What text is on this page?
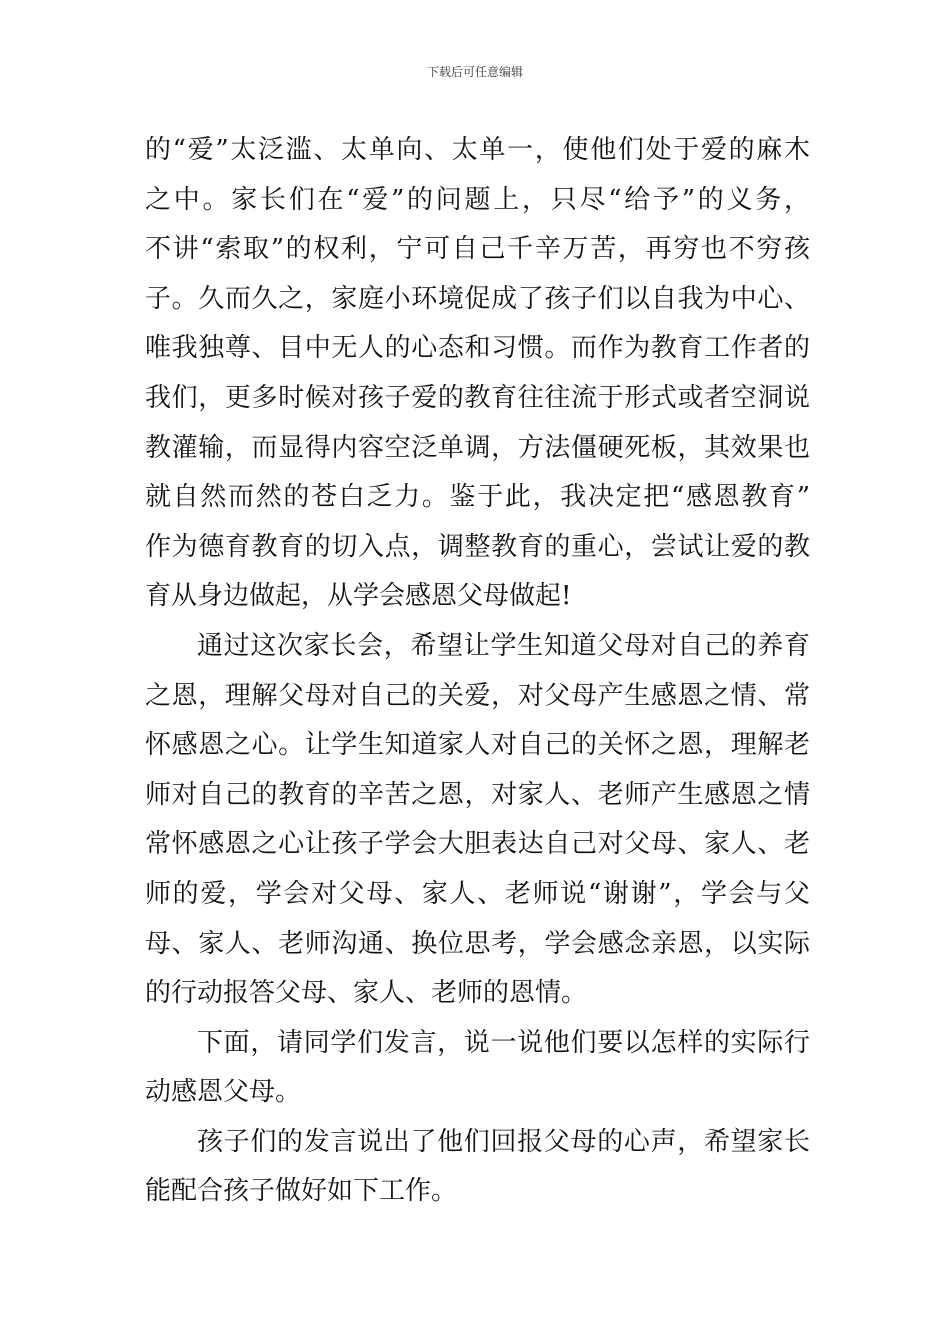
下载后可任意编辑
的“爱”太泛滥、太单向、太单一，使他们处于爱的麻木
之中。家长们在“爱”的问题上，只尽“给予”的义务，
不讲“索取”的权利，宁可自己千辛万苦，再穷也不穷孩
子。久而久之，家庭小环境促成了孩子们以自我为中心、
唯我独尊、目中无人的心态和习惯。而作为教育工作者的
我们，更多时候对孩子爱的教育往往流于形式或者空洞说
教灌输，而显得内容空泛单调，方法僵硬死板，其效果也
就自然而然的苍白乏力。鉴于此，我决定把“感恩教育”
作为德育教育的切入点，调整教育的重心，尝试让爱的教
育从身边做起，从学会感恩父母做起!
通过这次家长会，希望让学生知道父母对自己的养育
之恩，理解父母对自己的关爱，对父母产生感恩之情、常
怀感恩之心。让学生知道家人对自己的关怀之恩，理解老
师对自己的教育的辛苦之恩，对家人、老师产生感恩之情
常怀感恩之心让孩子学会大胆表达自己对父母、家人、老
师的爱，学会对父母、家人、老师说“谢谢”，学会与父
母、家人、老师沟通、换位思考，学会感念亲恩，以实际
的行动报答父母、家人、老师的恩情。
下面，请同学们发言，说一说他们要以怎样的实际行
动感恩父母。
孩子们的发言说出了他们回报父母的心声，希望家长
能配合孩子做好如下工作。
